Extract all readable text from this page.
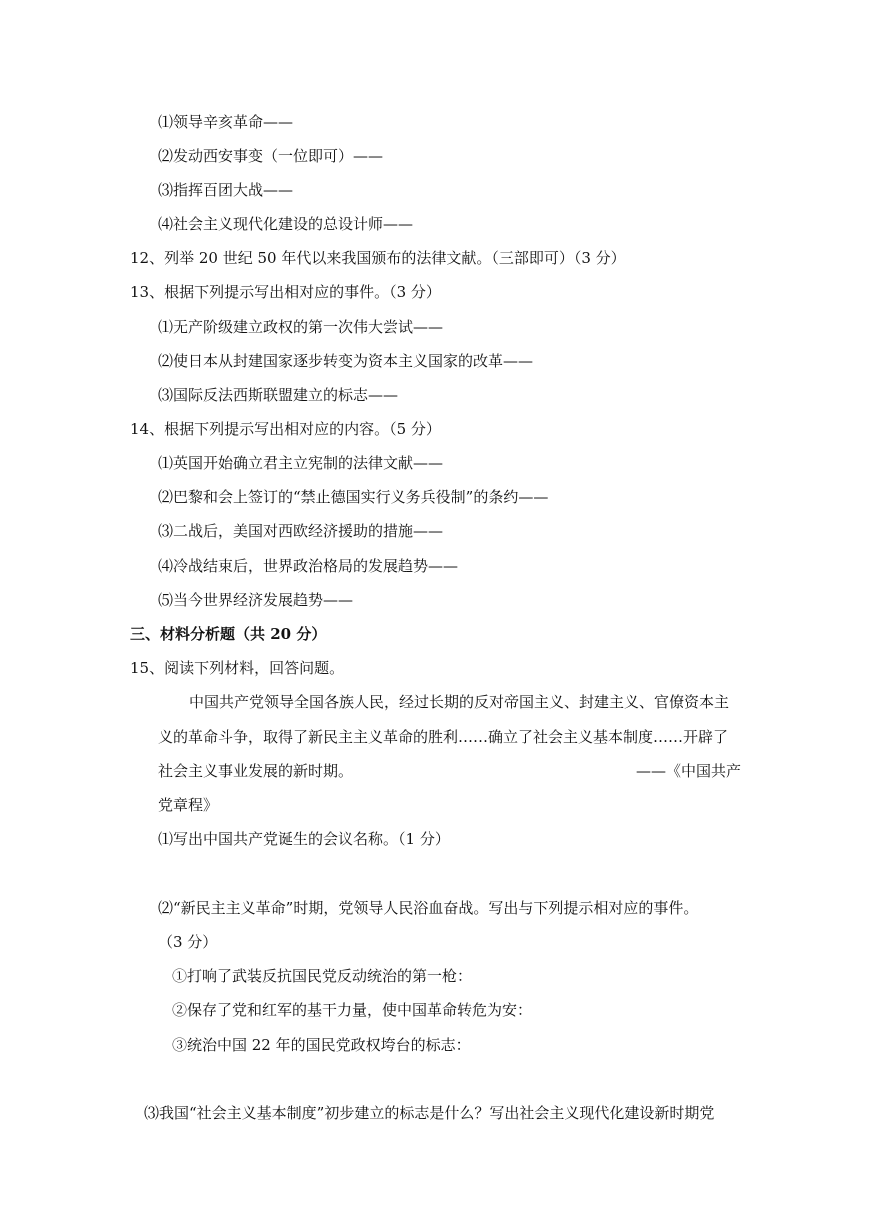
⑴领导辛亥革命——
⑵发动西安事变（一位即可）——
⑶指挥百团大战——
⑷社会主义现代化建设的总设计师——
12、列举 20 世纪 50 年代以来我国颁布的法律文献。（三部即可）（3 分）
13、根据下列提示写出相对应的事件。（3 分）
⑴无产阶级建立政权的第一次伟大尝试——
⑵使日本从封建国家逐步转变为资本主义国家的改革——
⑶国际反法西斯联盟建立的标志——
14、根据下列提示写出相对应的内容。（5 分）
⑴英国开始确立君主立宪制的法律文献——
⑵巴黎和会上签订的“禁止德国实行义务兵役制”的条约——
⑶二战后，美国对西欧经济援助的措施——
⑷冷战结束后，世界政治格局的发展趋势——
⑸当今世界经济发展趋势——
三、材料分析题（共 20 分）
15、阅读下列材料，回答问题。
中国共产党领导全国各族人民，经过长期的反对帝国主义、封建主义、官僚资本主
义的革命斗争，取得了新民主主义革命的胜利……确立了社会主义基本制度……开辟了
社会主义事业发展的新时期。	——《中国共产
党章程》
⑴写出中国共产党诞生的会议名称。（1 分）
⑵“新民主主义革命”时期，党领导人民浴血奋战。写出与下列提示相对应的事件。
（3 分）
①打响了武装反抗国民党反动统治的第一枪：
②保存了党和红军的基干力量，使中国革命转危为安：
③统治中国 22 年的国民党政权垮台的标志：
⑶我国“社会主义基本制度”初步建立的标志是什么？写出社会主义现代化建设新时期党
